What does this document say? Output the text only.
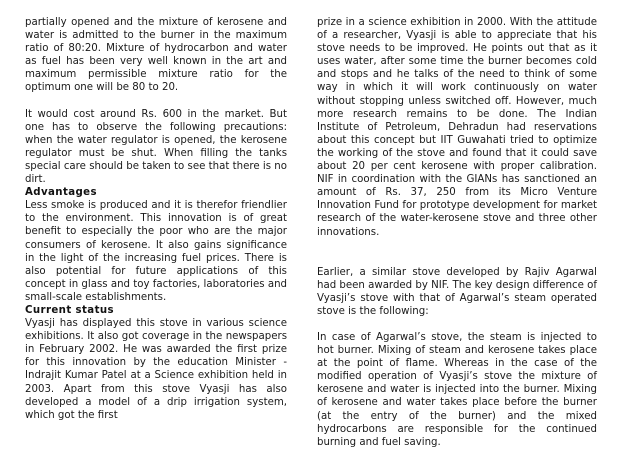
partially opened and the mixture of kerosene and water is admitted to the burner in the maximum ratio of 80:20. Mixture of hydrocarbon and water as fuel has been very well known in the art and maximum permissible mixture ratio for the optimum one will be 80 to 20.

It would cost around Rs. 600 in the market. But one has to observe the following precautions: when the water regulator is opened, the kerosene regulator must be shut. When filling the tanks special care should be taken to see that there is no dirt.

Advantages

Less smoke is produced and it is therefor friendlier to the environment. This innovation is of great benefit to especially the poor who are the major consumers of kerosene. It also gains significance in the light of the increasing fuel prices. There is also potential for future applications of this concept in glass and toy factories, laboratories and small-scale establishments.

Current status

Vyasji has displayed this stove in various science exhibitions. It also got coverage in the newspapers in February 2002. He was awarded the first prize for this innovation by the education Minister - Indrajit Kumar Patel at a Science exhibition held in 2003. Apart from this stove Vyasji has also developed a model of a drip irrigation system, which got the first

prize in a science exhibition in 2000. With the attitude of a researcher, Vyasji is able to appreciate that his stove needs to be improved. He points out that as it uses water, after some time the burner becomes cold and stops and he talks of the need to think of some way in which it will work continuously on water without stopping unless switched off. However, much more research remains to be done. The Indian Institute of Petroleum, Dehradun had reservations about this concept but IIT Guwahati tried to optimize the working of the stove and found that it could save about 20 per cent kerosene with proper calibration. NIF in coordination with the GIANs has sanctioned an amount of Rs. 37, 250 from its Micro Venture Innovation Fund for prototype development for market research of the water-kerosene stove and three other innovations.

Earlier, a similar stove developed by Rajiv Agarwal had been awarded by NIF. The key design difference of Vyasji’s stove with that of Agarwal’s steam operated stove is the following:

In case of Agarwal’s stove, the steam is injected to hot burner. Mixing of steam and kerosene takes place at the point of flame. Whereas in the case of the modified operation of Vyasji’s stove the mixture of kerosene and water is injected into the burner. Mixing of kerosene and water takes place before the burner (at the entry of the burner) and the mixed hydrocarbons are responsible for the continued burning and fuel saving.
